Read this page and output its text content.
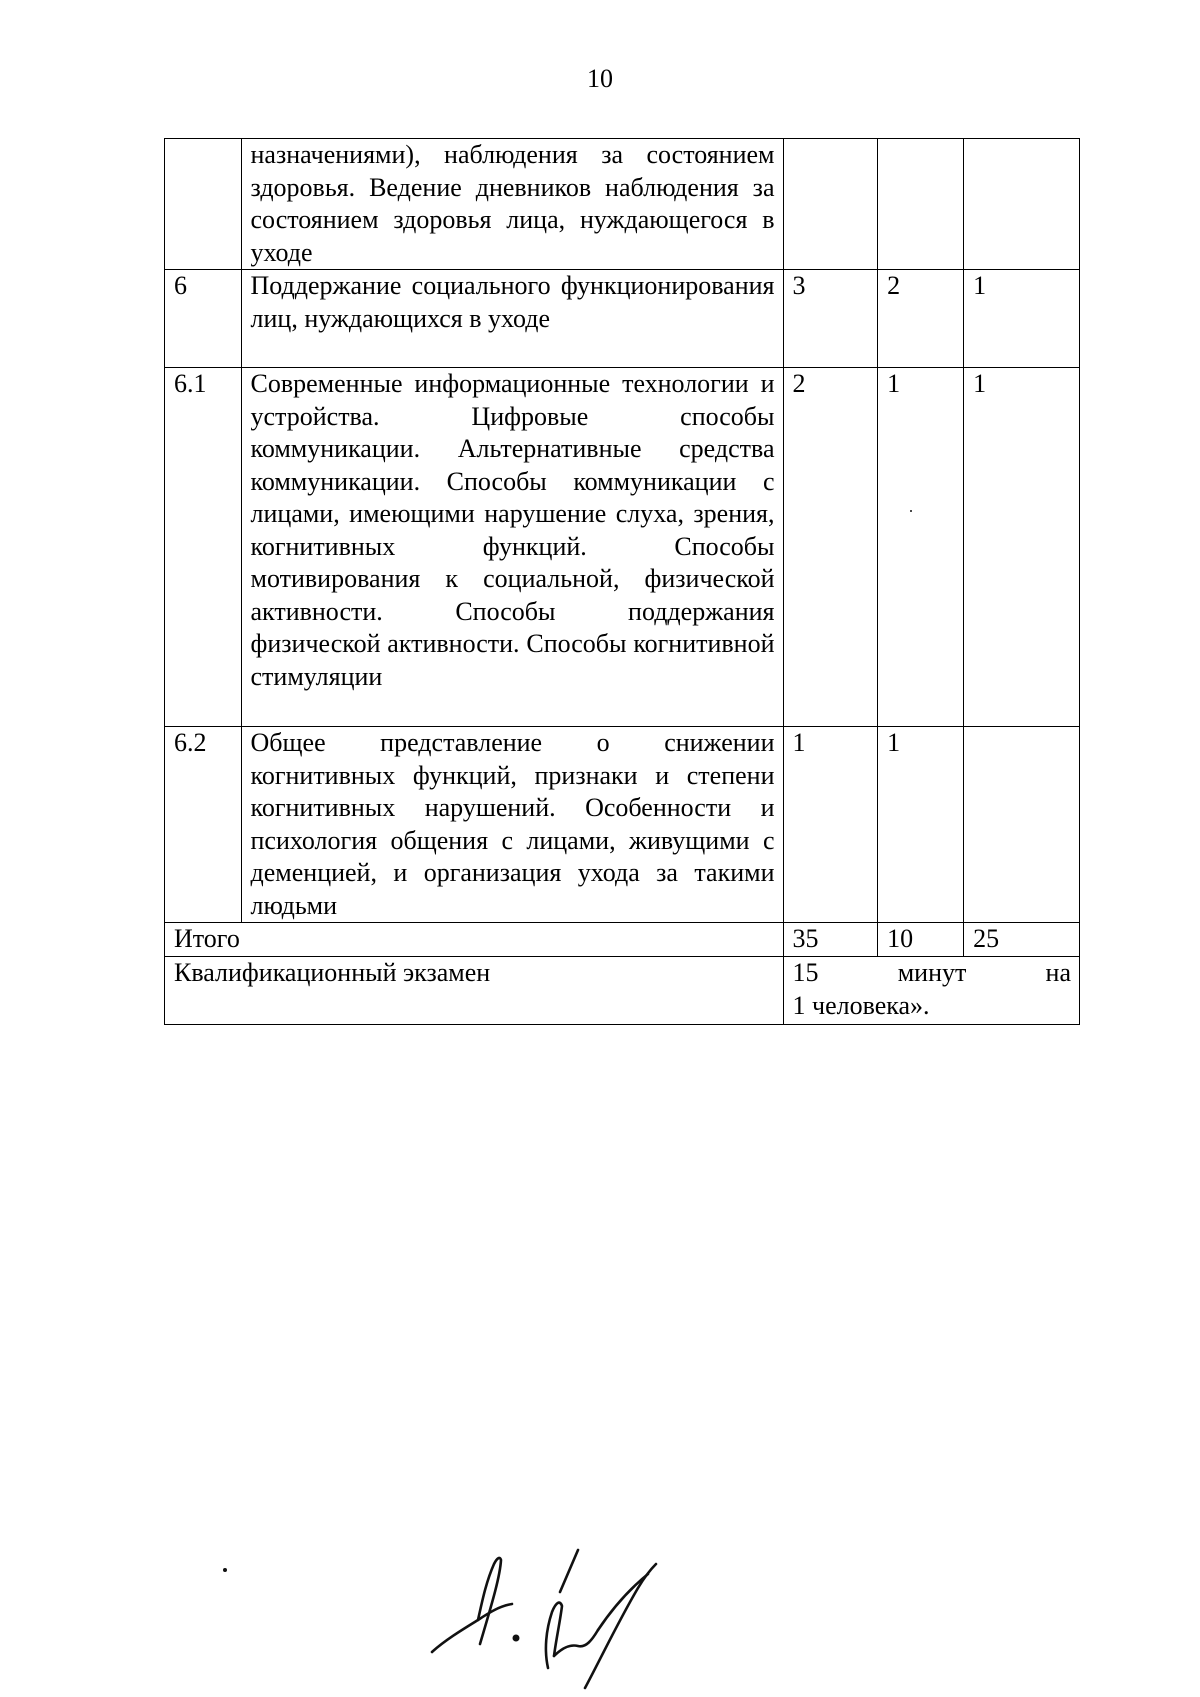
10
	назначениями), наблюдения за состоянием здоровья. Ведение дневников наблюдения за состоянием здоровья лица, нуждающегося в уходе			
6	Поддержание социального функционирования лиц, нуждающихся в уходе	3	2	1
6.1	Современные информационные технологии и устройства. Цифровые способы коммуникации. Альтернативные средства коммуникации. Способы коммуникации с лицами, имеющими нарушение слуха, зрения, когнитивных функций. Способы мотивирования к социальной, физической активности. Способы поддержания физической активности. Способы когнитивной стимуляции	2	1	1
6.2	Общее представление о снижении когнитивных функций, признаки и степени когнитивных нарушений. Особенности и психология общения с лицами, живущими с деменцией, и организация ухода за такими людьми	1	1	
Итого		35	10	25
Квалификационный экзамен		15 минут на
1 человека».		
